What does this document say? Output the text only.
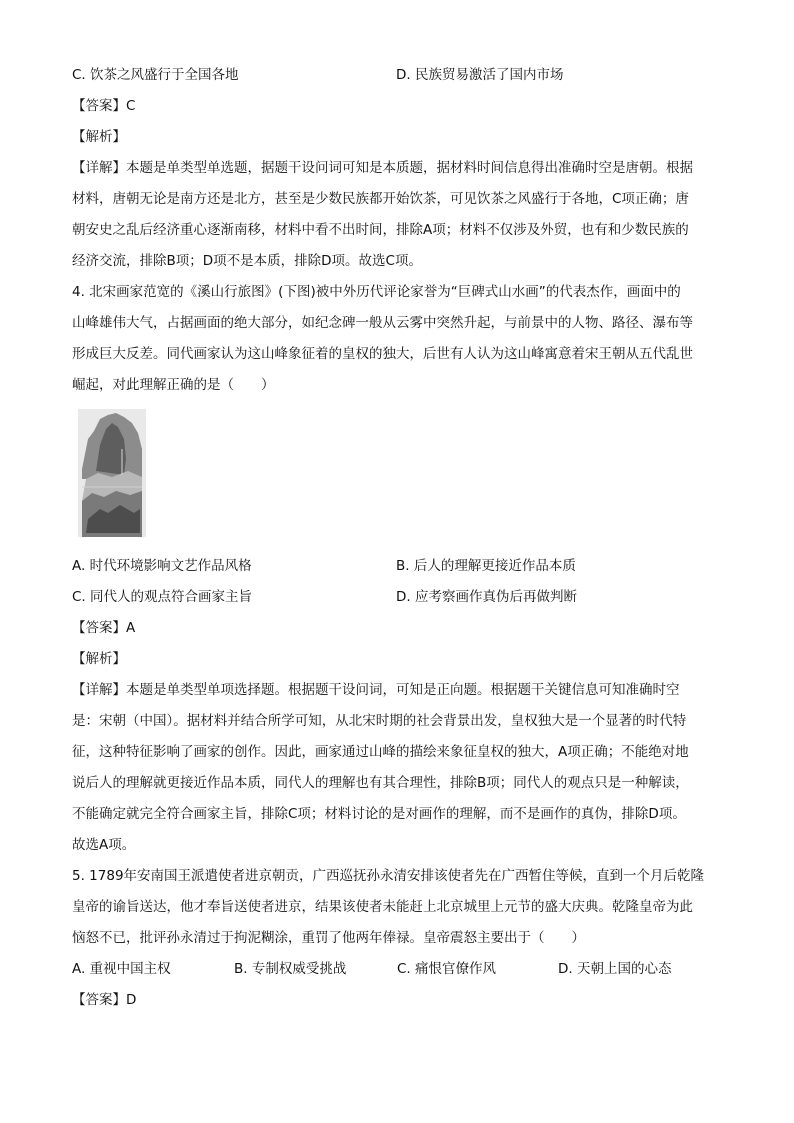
C. 饮茶之风盛行于全国各地	D. 民族贸易激活了国内市场
【答案】C
【解析】
【详解】本题是单类型单选题，据题干设问词可知是本质题，据材料时间信息得出准确时空是唐朝。根据
材料，唐朝无论是南方还是北方，甚至是少数民族都开始饮茶，可见饮茶之风盛行于各地，C项正确；唐
朝安史之乱后经济重心逐渐南移，材料中看不出时间，排除A项；材料不仅涉及外贸，也有和少数民族的
经济交流，排除B项；D项不是本质，排除D项。故选C项。
4. 北宋画家范宽的《溪山行旅图》(下图)被中外历代评论家誉为“巨碑式山水画”的代表杰作，画面中的
山峰雄伟大气，占据画面的绝大部分，如纪念碑一般从云雾中突然升起，与前景中的人物、路径、瀑布等
形成巨大反差。同代画家认为这山峰象征着的皇权的独大，后世有人认为这山峰寓意着宋王朝从五代乱世
崛起，对此理解正确的是（　　）
A. 时代环境影响文艺作品风格	B. 后人的理解更接近作品本质
C. 同代人的观点符合画家主旨	D. 应考察画作真伪后再做判断
【答案】A
【解析】
【详解】本题是单类型单项选择题。根据题干设问词，可知是正向题。根据题干关键信息可知准确时空
是：宋朝（中国）。据材料并结合所学可知，从北宋时期的社会背景出发，皇权独大是一个显著的时代特
征，这种特征影响了画家的创作。因此，画家通过山峰的描绘来象征皇权的独大，A项正确；不能绝对地
说后人的理解就更接近作品本质，同代人的理解也有其合理性，排除B项；同代人的观点只是一种解读，
不能确定就完全符合画家主旨，排除C项；材料讨论的是对画作的理解，而不是画作的真伪，排除D项。
故选A项。
5. 1789年安南国王派遣使者进京朝贡，广西巡抚孙永清安排该使者先在广西暂住等候，直到一个月后乾隆
皇帝的谕旨送达，他才奉旨送使者进京，结果该使者未能赶上北京城里上元节的盛大庆典。乾隆皇帝为此
恼怒不已，批评孙永清过于拘泥糊涂，重罚了他两年俸禄。皇帝震怒主要出于（　　）
A. 重视中国主权	B. 专制权威受挑战	C. 痛恨官僚作风	D. 天朝上国的心态
【答案】D
